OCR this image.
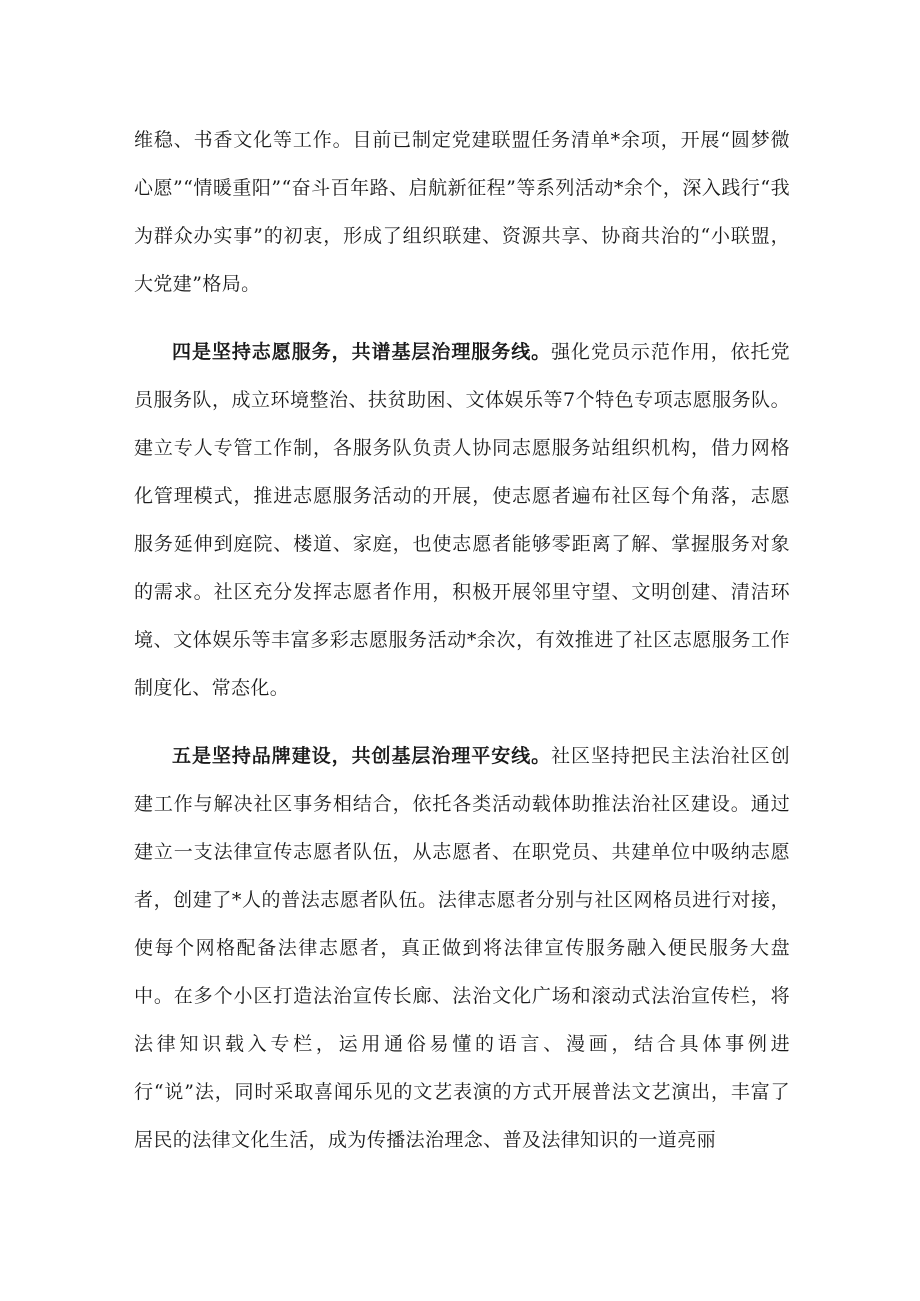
维稳、书香文化等工作。目前已制定党建联盟任务清单*余项，开展“圆梦微心愿”“情暖重阳”“奋斗百年路、启航新征程”等系列活动*余个，深入践行“我为群众办实事”的初衷，形成了组织联建、资源共享、协商共治的“小联盟，大党建”格局。

四是坚持志愿服务，共谱基层治理服务线。强化党员示范作用，依托党员服务队，成立环境整治、扶贫助困、文体娱乐等7个特色专项志愿服务队。建立专人专管工作制，各服务队负责人协同志愿服务站组织机构，借力网格化管理模式，推进志愿服务活动的开展，使志愿者遍布社区每个角落，志愿服务延伸到庭院、楼道、家庭，也使志愿者能够零距离了解、掌握服务对象的需求。社区充分发挥志愿者作用，积极开展邻里守望、文明创建、清洁环境、文体娱乐等丰富多彩志愿服务活动*余次，有效推进了社区志愿服务工作制度化、常态化。

五是坚持品牌建设，共创基层治理平安线。社区坚持把民主法治社区创建工作与解决社区事务相结合，依托各类活动载体助推法治社区建设。通过建立一支法律宣传志愿者队伍，从志愿者、在职党员、共建单位中吸纳志愿者，创建了*人的普法志愿者队伍。法律志愿者分别与社区网格员进行对接，使每个网格配备法律志愿者，真正做到将法律宣传服务融入便民服务大盘中。在多个小区打造法治宣传长廊、法治文化广场和滚动式法治宣传栏，将法律知识载入专栏，运用通俗易懂的语言、漫画，结合具体事例进行“说”法，同时采取喜闻乐见的文艺表演的方式开展普法文艺演出，丰富了居民的法律文化生活，成为传播法治理念、普及法律知识的一道亮丽
